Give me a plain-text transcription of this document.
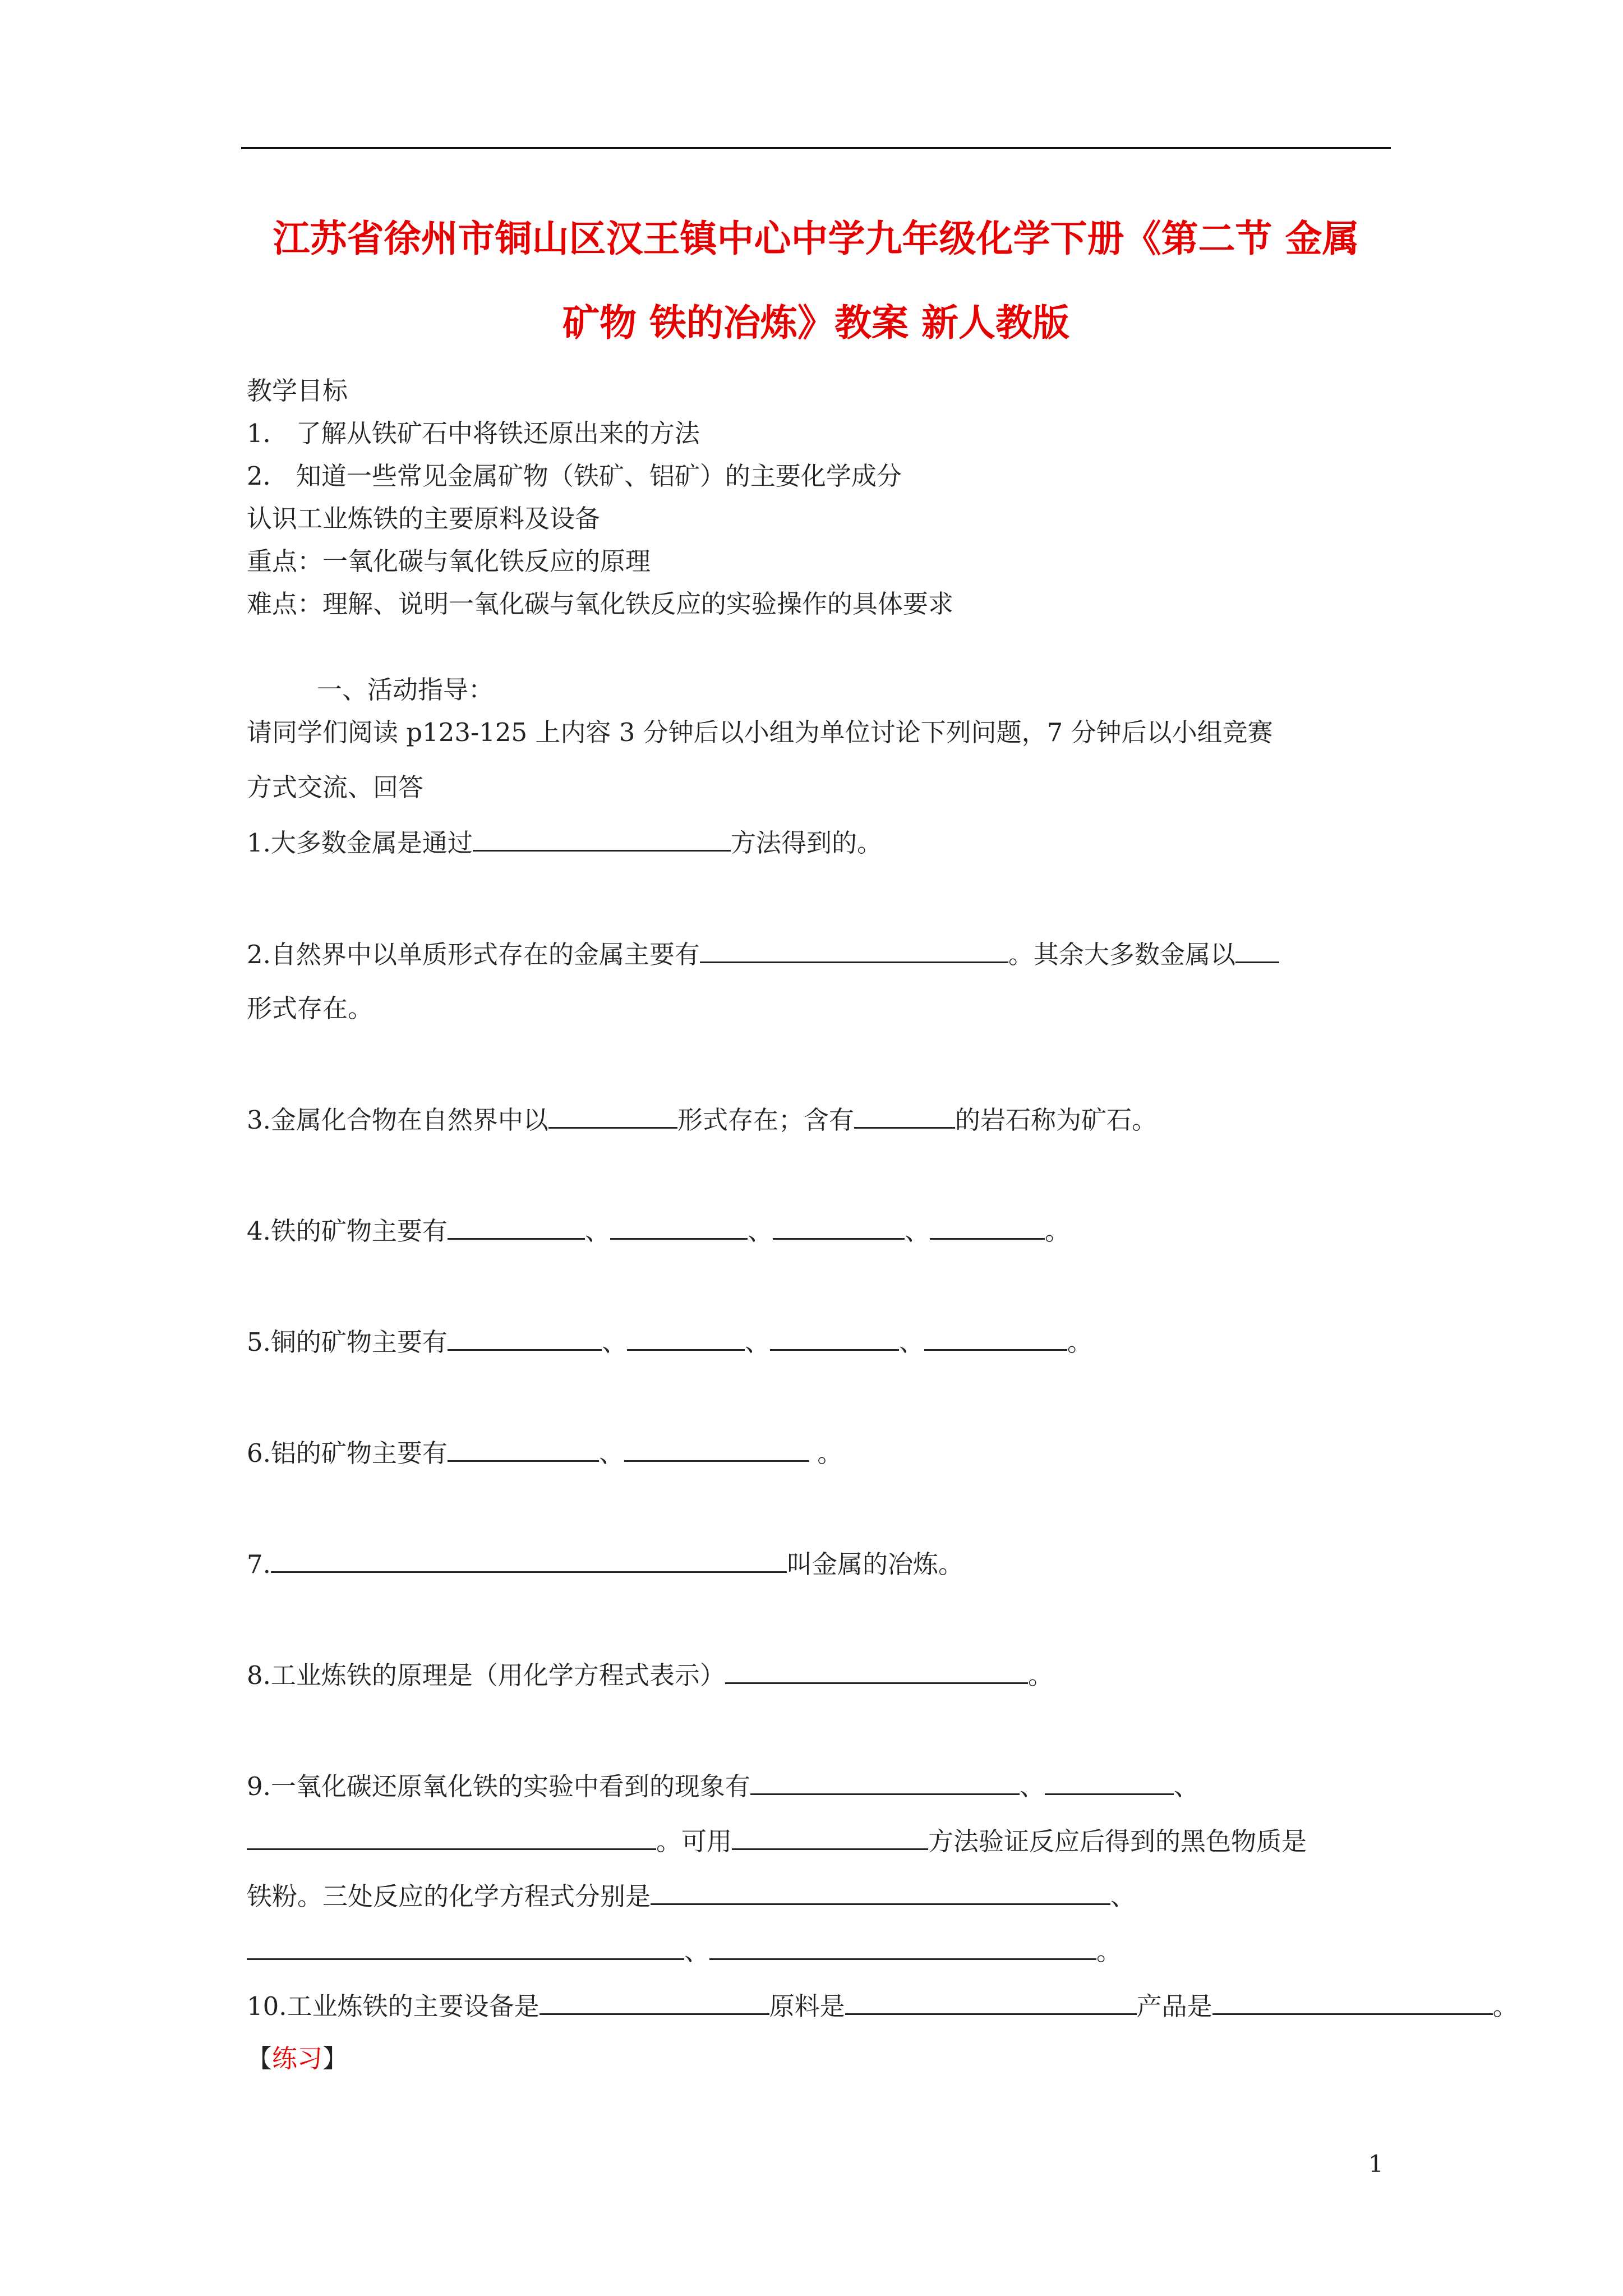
江苏省徐州市铜山区汉王镇中心中学九年级化学下册《第二节 金属
矿物 铁的冶炼》教案 新人教版
教学目标
1． 了解从铁矿石中将铁还原出来的方法
2． 知道一些常见金属矿物（铁矿、铝矿）的主要化学成分
认识工业炼铁的主要原料及设备
重点：一氧化碳与氧化铁反应的原理
难点：理解、说明一氧化碳与氧化铁反应的实验操作的具体要求
一、活动指导：
请同学们阅读 p123-125 上内容 3 分钟后以小组为单位讨论下列问题，7 分钟后以小组竞赛
方式交流、回答
1.大多数金属是通过	方法得到的。
2.自然界中以单质形式存在的金属主要有	。其余大多数金属以
形式存在。
3.金属化合物在自然界中以	形式存在；含有	的岩石称为矿石。
4.铁的矿物主要有	、	、	、	。
5.铜的矿物主要有	、	、	、	。
6.铝的矿物主要有	、	。
7.	叫金属的冶炼。
8.工业炼铁的原理是（用化学方程式表示）	。
9.一氧化碳还原氧化铁的实验中看到的现象有	、	、
。可用	方法验证反应后得到的黑色物质是
铁粉。三处反应的化学方程式分别是	、
、	。
10.工业炼铁的主要设备是	原料是	产品是	。
【练习】
1
